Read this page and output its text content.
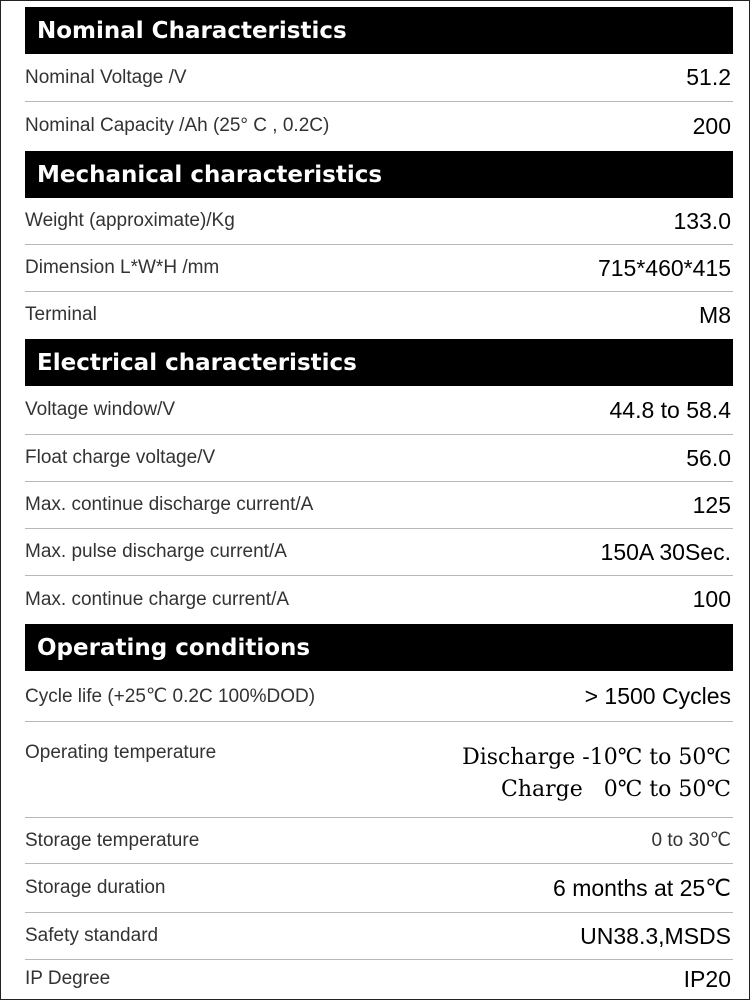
Nominal Characteristics
Nominal Voltage /V	51.2
Nominal Capacity /Ah (25° C , 0.2C)	200
Mechanical characteristics
Weight (approximate)/Kg	133.0
Dimension L*W*H /mm	715*460*415
Terminal	M8
Electrical characteristics
Voltage window/V	44.8 to 58.4
Float charge voltage/V	56.0
Max. continue discharge current/A	125
Max. pulse discharge current/A	150A 30Sec.
Max. continue charge current/A	100
Operating conditions
Cycle life (+25℃ 0.2C 100%DOD)	> 1500 Cycles
Operating temperature	Discharge -10℃ to 50℃
Charge   0℃ to 50℃
Storage temperature	0 to 30℃
Storage duration	6 months at 25℃
Safety standard	UN38.3,MSDS
IP Degree	IP20
